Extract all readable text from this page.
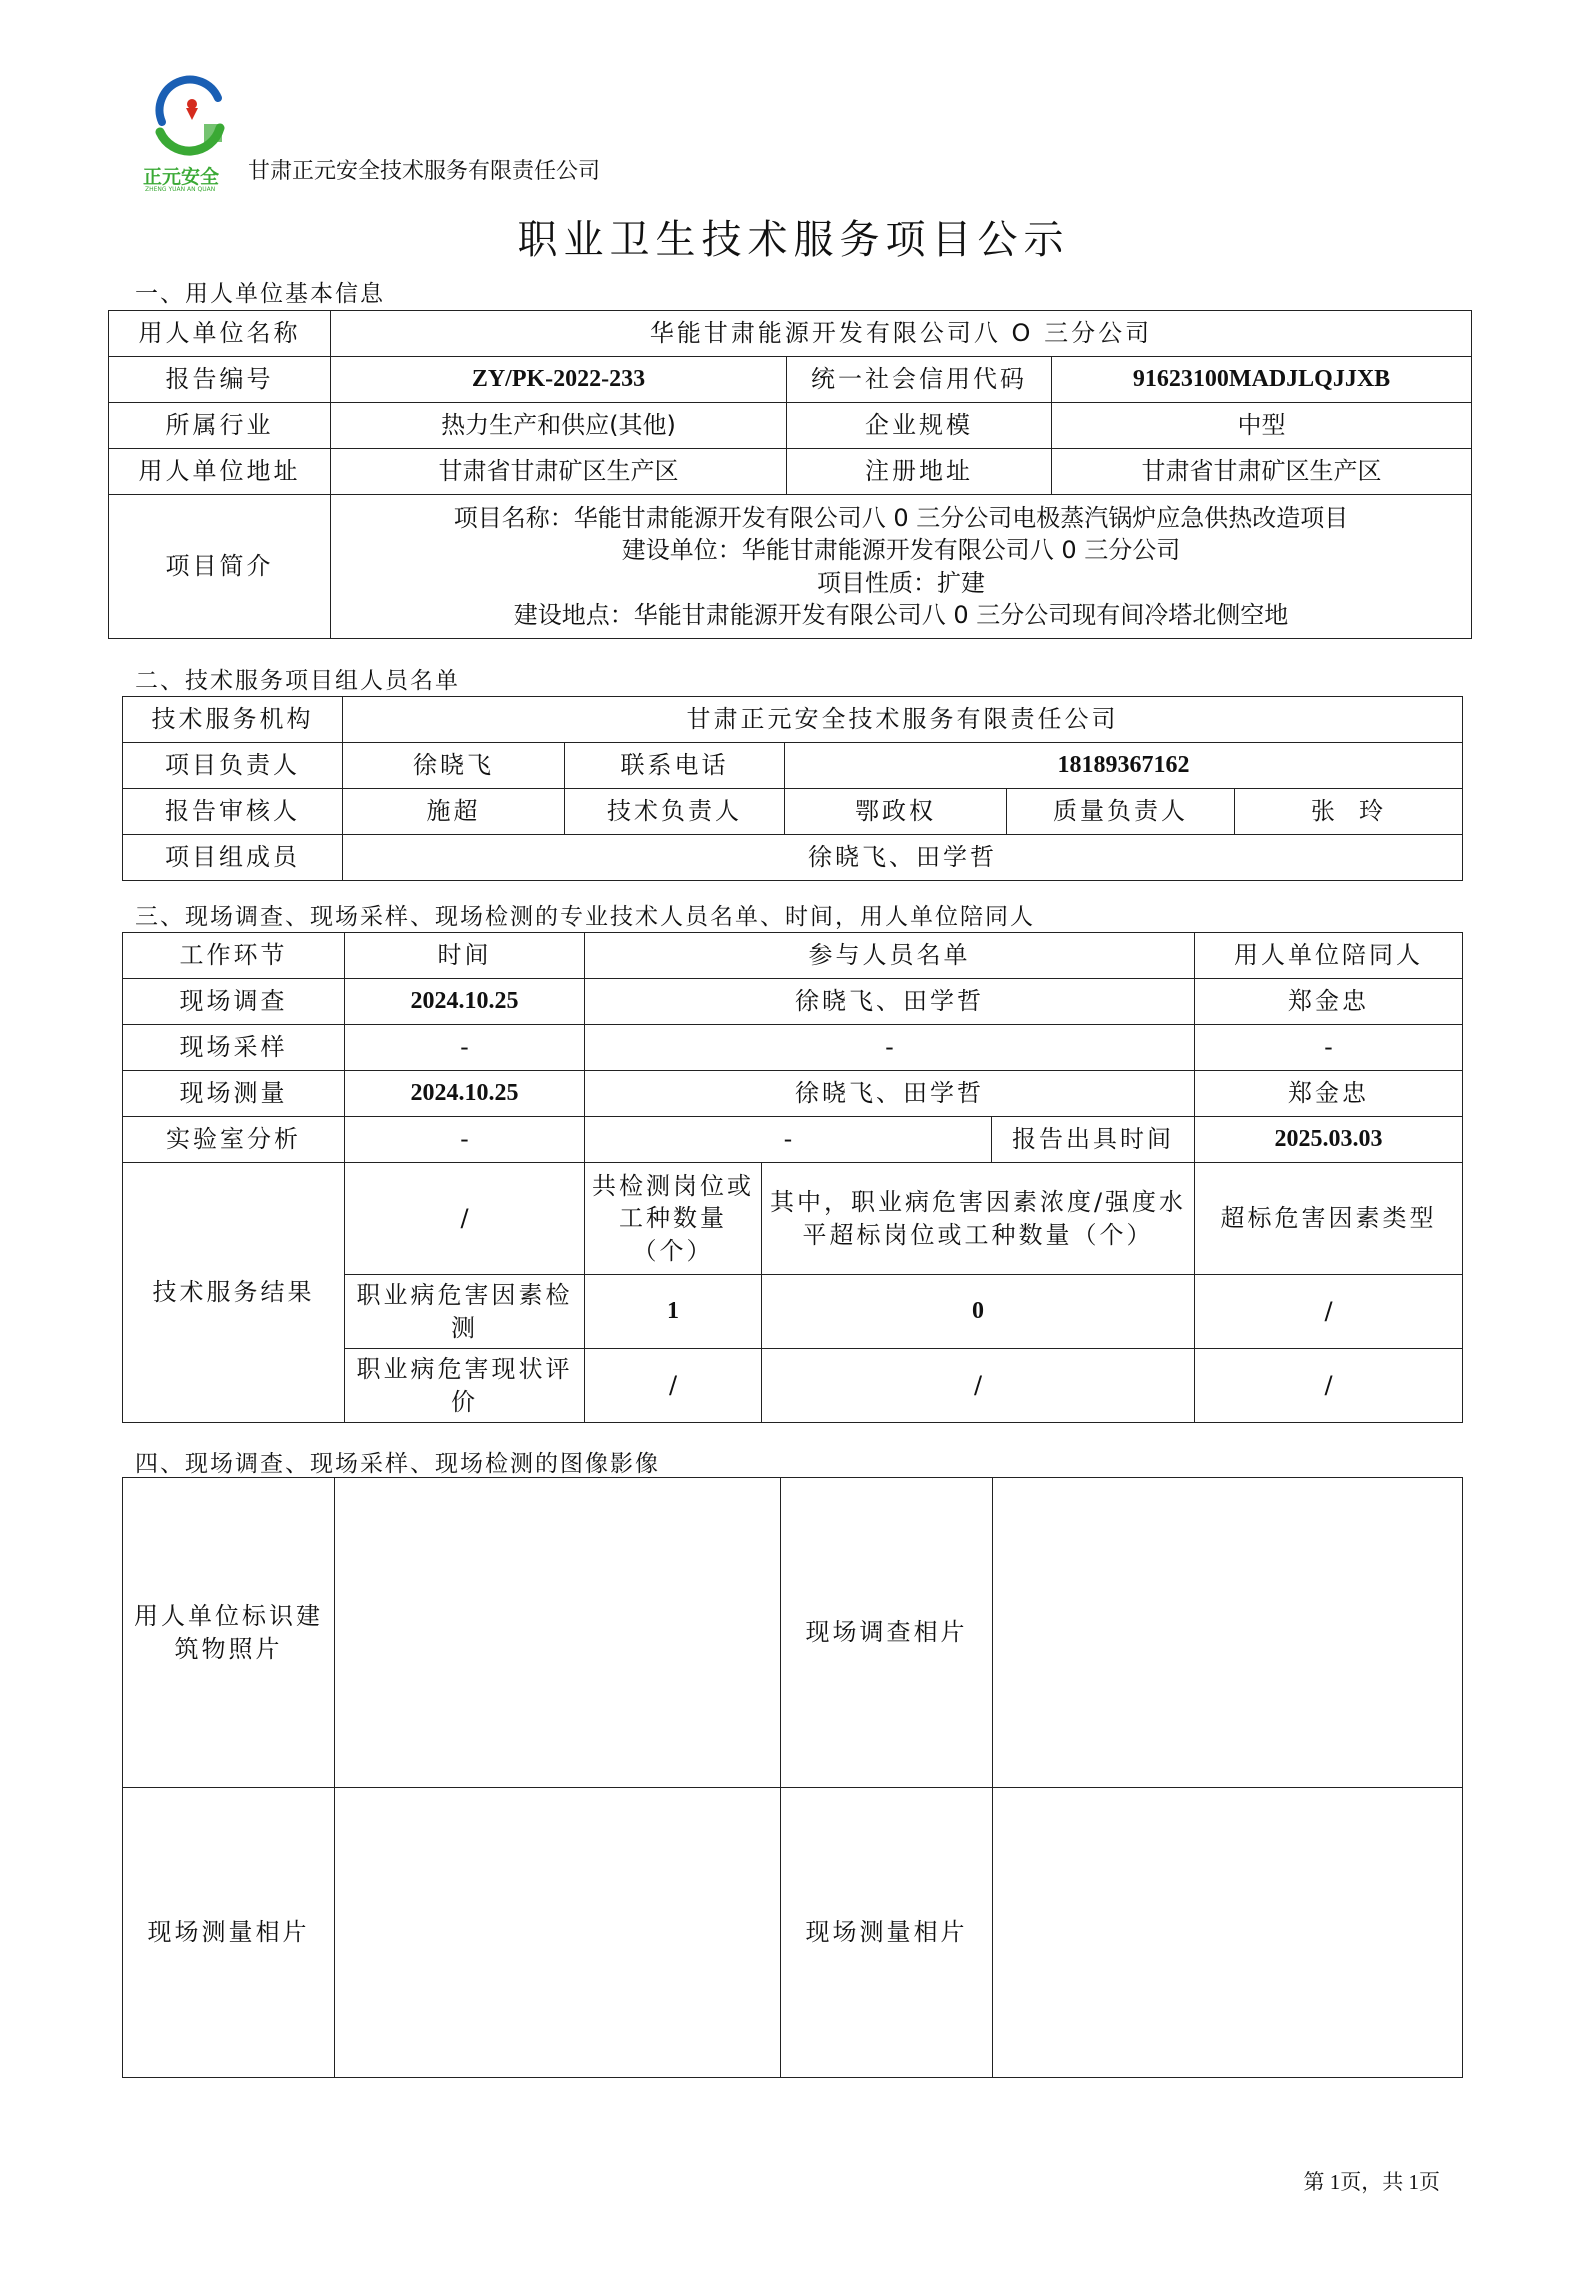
正元安全
ZHENG YUAN AN QUAN
甘肃正元安全技术服务有限责任公司
职业卫生技术服务项目公示
一、用人单位基本信息
用人单位名称	华能甘肃能源开发有限公司八 O 三分公司		
报告编号	ZY/PK-2022-233	统一社会信用代码	91623100MADJLQJJXB
所属行业	热力生产和供应(其他)	企业规模	中型
用人单位地址	甘肃省甘肃矿区生产区	注册地址	甘肃省甘肃矿区生产区
项目简介	项目名称：华能甘肃能源开发有限公司八 0 三分公司电极蒸汽锅炉应急供热改造项目
建设单位：华能甘肃能源开发有限公司八 0 三分公司
项目性质：扩建
建设地点：华能甘肃能源开发有限公司八 0 三分公司现有间冷塔北侧空地		
二、技术服务项目组人员名单
技术服务机构	甘肃正元安全技术服务有限责任公司				
项目负责人	徐晓飞	联系电话	18189367162		
报告审核人	施超	技术负责人	鄂政权	质量负责人	张  玲
项目组成员	徐晓飞、田学哲				
三、现场调查、现场采样、现场检测的专业技术人员名单、时间，用人单位陪同人
工作环节	时间	参与人员名单			用人单位陪同人
现场调查	2024.10.25	徐晓飞、田学哲			郑金忠
现场采样	-	-			-
现场测量	2024.10.25	徐晓飞、田学哲			郑金忠
实验室分析	-	-		报告出具时间	2025.03.03
技术服务结果	/	共检测岗位或工种数量（个）	其中，职业病危害因素浓度/强度水平超标岗位或工种数量（个）		超标危害因素类型
	职业病危害因素检测	1	0		/
	职业病危害现状评价	/	/		/
四、现场调查、现场采样、现场检测的图像影像
用人单位标识建筑物照片		现场调查相片	

现场测量相片		现场测量相片	
第 1页，共 1页
